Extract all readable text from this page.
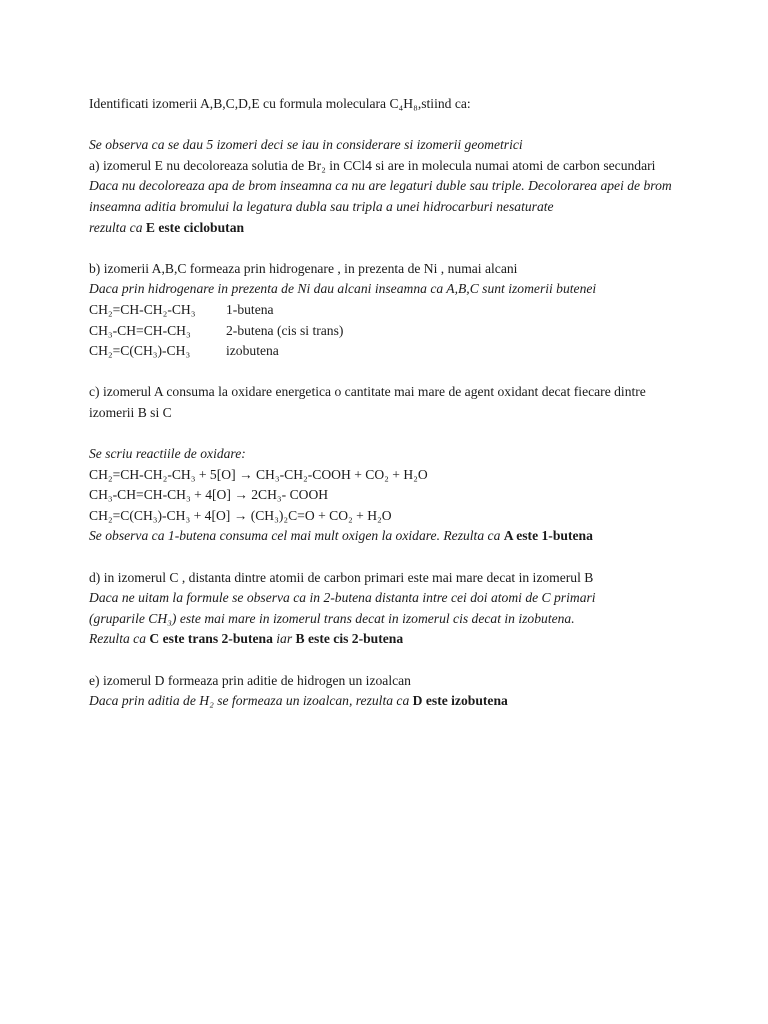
Identificati izomerii A,B,C,D,E cu formula moleculara C₄H₈,stiind ca:

Se observa ca se dau 5 izomeri deci se iau in considerare si izomerii geometrici

a) izomerul E nu decoloreaza solutia de Br₂ in CCl4 si are in molecula numai atomi de carbon secundari

Daca nu decoloreaza apa de brom inseamna ca nu are legaturi duble sau triple. Decolorarea apei de brom inseamna aditia bromului la legatura dubla sau tripla a unei hidrocarburi nesaturate

rezulta ca E este ciclobutan

b) izomerii A,B,C formeaza prin hidrogenare , in prezenta de Ni , numai alcani

Daca prin hidrogenare in prezenta de Ni dau alcani inseamna ca A,B,C sunt izomerii butenei

CH₂=CH-CH₂-CH₃ 1-butena

CH₃-CH=CH-CH₃	2-butena (cis si trans)

CH₂=C(CH₃)-CH₃	izobutena

c) izomerul A consuma la oxidare energetica o cantitate mai mare de agent oxidant decat fiecare dintre izomerii B si C

Se scriu reactiile de oxidare:

CH₂=CH-CH₂-CH₃ + 5[O] → CH₃-CH₂-COOH + CO₂ + H₂O

CH₃-CH=CH-CH₃ + 4[O] → 2CH₃- COOH

CH₂=C(CH₃)-CH₃ + 4[O] → (CH₃)₂C=O + CO₂ + H₂O

Se observa ca 1-butena consuma cel mai mult oxigen la oxidare. Rezulta ca A este 1-butena

d) in izomerul C , distanta dintre atomii de carbon primari este mai mare decat in izomerul B

Daca ne uitam la formule se observa ca in 2-butena distanta intre cei doi atomi de C primari

(gruparile CH₃) este mai mare in izomerul trans decat in izomerul cis decat in izobutena.

Rezulta ca C este trans 2-butena iar B este cis 2-butena

e) izomerul D formeaza prin aditie de hidrogen un izoalcan

Daca prin aditia de H₂ se formeaza un izoalcan, rezulta ca D este izobutena
